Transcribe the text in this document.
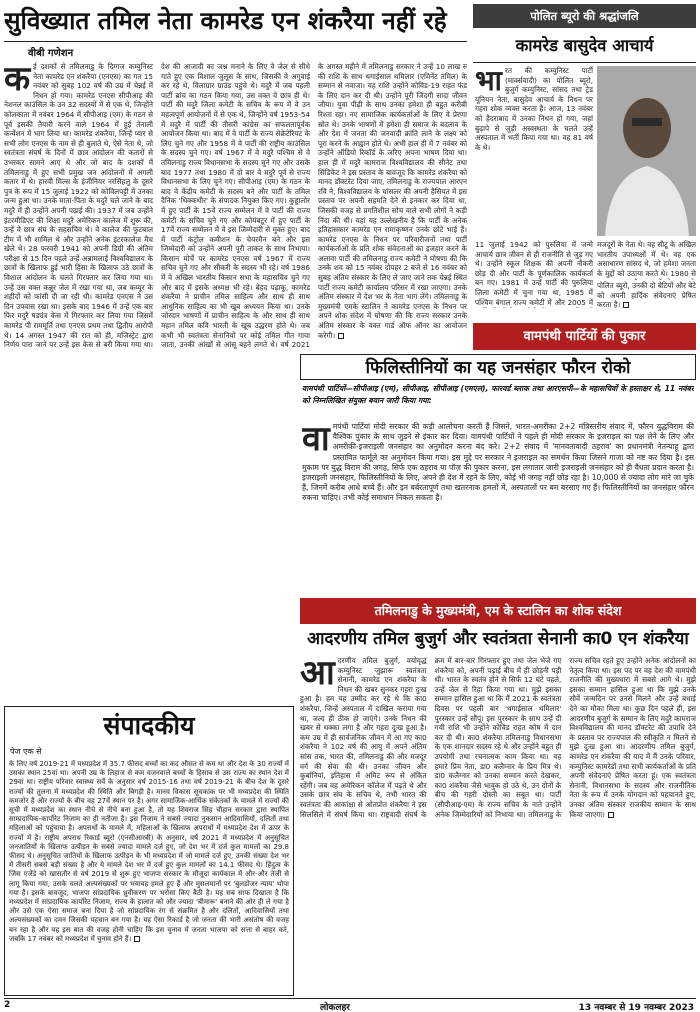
सुविख्यात तमिल नेता कामरेड एन शंकरैया नहीं रहे
वीबी गणेशन
कई दशकों से तमिलनाडु के दिग्गज कम्युनिस्ट नेता कामरेड एन शंकरैया (एनएस) का गत 15 नवंबर को सुबह 102 वर्ष की उम्र में चेन्नई में निधन हो गया। कामरेड एनएस सीपीआइ की नेशनल काउंसिल के उन 32 सदस्यों में से एक थे, जिन्होंने कोलकाता में नवंबर 1964 में सीपीआइ (एम) के गठन से पूर्व इसकी तैयारी करने वाले 1964 में हुई तेनाली कन्वेंशन में भाग लिया था। कामरेड शंकरैया, जिन्हें प्यार से सभी लोग एनएस के नाम से ही बुलाते थे, ऐसे नेता थे, जो स्वतंत्रता संघर्ष के दिनों में छात्र आंदोलन की कतारों से उभरकर सामने आए थे और जो बाद के दशकों में तमिलनाडु में हुए सभी प्रमुख जन आंदोलनों में अगली कतार में थे। हारवी मिल्स के इंजीनियर नरसिंहलु के दूसरे पुत्र के रूप में 15 जुलाई 1922 को कोविलपट्टी में उनका जन्म हुआ था। उनके माता-पिता के मदुरै चले जाने के बाद मदुरै में ही उन्होंने अपनी पढ़ाई की। 1937 में जब उन्होंने इंटरमीडिएट की शिक्षा मदुरै अमेरिकन कालेज में शुरू की, उन्हें वे छात्र संघ के सहसचिव थे। वे कालेज की फुटबाल टीम में भी शामिल थे और उन्होंने अनेक इंटरकालेज मैच खेले थे। 28 फरवरी 1941 को अपनी डिग्री की अंतिम परीक्षा से 15 दिन पहले उन्हें अन्नामलाई विश्वविद्यालय के छात्रों के खिलाफ हुई भारी हिंसा के खिलाफ उठे छात्रों के विशाल आंदोलन के चलते गिरफ्तार कर लिया गया था। उन्हें उस वक्त कन्नूर जेल में रखा गया था, जब कय्यूर के शहीदों को फांसी दी जा रही थी। कामरेड एनएस ने उस दिन उपवास रखा था। इसके बाद 1946 में उन्हें एक बार फिर मदुरै षड्यंत्र केस में गिरफ्तार कर लिया गया जिसमें कामरेड पी राममूर्ति तथा एनएस प्रथम तथा द्वितीय आरोपी थे। 14 अगस्त 1947 की रात को ही, मजिस्ट्रेट द्वारा निर्णय पारा जाने पर उन्हें इस केस से बरी किया गया था। देश की आजादी का जश्न मनाने के लिए वे जेल से सीधे गाते हुए एक विशाल जुलूस के साथ, जिसकी वे अगुवाई कर रहे थे, विलाग्रार ग्राउंड पहुंचे थे। मदुरै में जब पहली पार्टी ब्रांच का गठन किया गया, उस वक्त वे छात्र ही थे। पार्टी की मदुरै जिला कमेटी के सचिव के रूप में वे उन महत्वपूर्ण आयोजनों में से एक थे, जिन्होंने वर्ष 1953-54 में मदुरै में पार्टी की तीसरी कांग्रेस का सफलतापूर्वक आयोजन किया था। बाद में वे पार्टी के राज्य सेक्रेटेरियट के लिए चुने गए और 1958 में वे पार्टी की राष्ट्रीय काउंसिल के सदस्य चुने गए। वर्ष 1967 में वे मदुरै पश्चिम से वे तमिलनाडु राज्य विधानसभा के सदस्य चुने गए और उसके बाद 1977 तथा 1980 में दो बार वे मदुरै पूर्व से राज्य विधानसभा के लिए चुने गए। सीपीआइ (एम) के गठन के बाद वे केंद्रीय कमेटी के सदस्य बने और पार्टी के तमिल दैनिक 'थिक्कथीर' के संपादक नियुक्त किए गए। कुड्डालोर में हुए पार्टी के 15वें राज्य सम्मेलन में वे पार्टी की राज्य कमेटी के सचिव चुने गए और कोयंबटूर में हुए पार्टी के 17वें राज्य सम्मेलन में वे इस जिम्मेदारी से मुक्त हुए। बाद में पार्टी कंट्रोल कमीशन के चेयरमैन बने और इस जिम्मेदारी को उन्होंने अपनी पूरी ताकत के साथ निभाया। किसान मोर्चे पर कामरेड एनएस वर्ष 1967 में राज्य सचिव चुने गए और सीकरी के सदस्य भी रहे। वर्ष 1986 में वे अखिल भारतीय किसान सभा के महासचिव चुने गए और बाद में इसके अध्यक्ष भी रहे। बेहद पढ़ाकू, कामरेड शंकरैया ने प्राचीन तमिल साहित्य और साथ ही साथ आधुनिक साहित्य का भी खूब अध्ययन किया था। उनके जोरदार भाषणों में प्राचीन साहित्य के और साथ ही साथ महान तमिल कवि भारती के खूब उद्धरण होते थे। जब कभी भी स्वतंत्रता सेनानियों पर कोई तमिल गीत गाया जाता, उनकी आंखों से आंसू बहने लगते थे। वर्ष 2021 के अगस्त महीने में तमिलनाडु सरकार ने उन्हें 10 लाख रु की राशि के साथ थगाईसाल थमिलार (एमिनेंट तमिल) के सम्मान से नवाजा। यह राशि उन्होंने कोविड-19 राहत फंड के लिए दान कर दी थी। उन्होंने पूरी जिंदगी सादा जीवन जीया। युवा पीढ़ी के साथ उनका हमेशा ही बहुत करीबी रिश्ता रहा। नए सामाजिक कार्यकर्ताओं के लिए वे प्रेरणा स्रोत थे। उनके भाषणों में हमेशा ही समाज के बदलाव के और देश में जनता की जनवादी क्रांति लाने के लक्ष्य को पूरा करने के आह्वान होते थे। अभी हाल ही में 7 नवंबर को उन्होंने ऑडियो रिकॉर्ड के जरिए अपना भाषण दिया था। हाल ही में मदुरै कामराज विश्वविद्यालय की सीनेट तथा सिंडिकेट ने इस प्रस्ताव के बावजूद कि कामरेड शंकरैया को मानद डॉक्टरेट दिया जाए, तमिलनाडु के राज्यपाल आरएन रवि ने, विश्वविद्यालय के चांसलर की अपनी हैसियत में इस प्रस्ताव पर अपनी सहमति देने से इनकार कर दिया था, जिसकी वजह से प्रगतिशील सोच वाले सभी लोगों ने कड़ी निंदा की थी। यहां यह उल्लेखनीय है कि पार्टी के अनेक इतिहासकार कामरेड एन रामाकृष्णन उनके छोटे भाई हैं। कामरेड एनएस के निधन पर परिवारीजनों तथा पार्टी कार्यकर्ताओं के प्रति शोक संवेदनाओं का इजहार करने के अलावा पार्टी की तमिलनाडु राज्य कमेटी ने घोषणा की कि उनके शव को 15 नवंबर दोपहर 2 बजे से 16 नवंबर को सुबह अंतिम संस्कार के लिए ले जाए जाने तक चेन्नई स्थित पार्टी राज्य कमेटी कार्यालय परिसर में रखा जाएगा। उनके अंतिम संस्कार में देश भर के नेता भाग लेंगे। तमिलनाडु के मुख्यमंत्री एमके स्टालिन ने कामरेड एनएस के निधन पर अपने शोक संदेश में घोषणा की कि राज्य सरकार उनके अंतिम संस्कार के वक्त गार्ड ऑफ ऑनर का आयोजन करेगी।
पोलित ब्यूरो की श्रद्धांजलि
कामरेड बासुदेव आचार्य
भारत की कम्युनिस्ट पार्टी (मार्क्सवादी) का पोलित ब्यूरो, बुजुर्ग कम्युनिस्ट, सांसद तथा ट्रेड यूनियन नेता, बासुदेव आचार्य के निधन पर गहरा शोक व्यक्त करता है। आज, 13 नवंबर को हैदराबाद में उनका निधन हो गया, जहां बुढ़ापे से जुड़ी अस्वस्थता के चलते उन्हें अस्पताल में भर्ती किया गया था। वह 81 वर्ष के थे।
11 जुलाई 1942 को पुरुलिया में जन्मे आचार्य छात्र जीवन से ही राजनीति से जुड़ गए थे। उन्होंने स्कूल शिक्षक की अपनी नौकरी छोड़ दी और पार्टी के पूर्णकालिक कार्यकर्ता बन गए। 1981 में उन्हें पार्टी की पुरुलिया जिला कमेटी में चुना गया था, 1985 में पश्चिम बंगाल राज्य कमेटी में और 2005 में
मजदूरों के नेता थे। वह सीटू के अखिल भारतीय उपाध्यक्षों में थे। वह एक असाधारण सांसद थे, जो हमेशा जनता के मुद्दों को उठाया करते थे। 1980 से
पोलित ब्यूरो, उनकी दो बेटियों और बेटे को अपनी हार्दिक संवेदनाएं प्रेषित करता है।
वामपंथी पार्टियों की पुकार
फिलिस्तीनियों का यह जनसंहार फौरन रोको
वामपंथी पार्टियों—सीपीआइ (एम), सीपीआइ, सीपीआइ (एमएल), फारवर्ड ब्लाक तथा आरएसपी—के महासचिवों के हस्ताक्षर से, 11 नवंबर को निम्नलिखित संयुक्त बयान जारी किया गया:
वामपंथी पार्टियां मोदी सरकार की कड़ी आलोचना करती हैं जिसने, भारत-अमरीका 2+2 मंत्रिस्तरीय संवाद में, फौरन युद्धविराम की वैश्विक पुकार के साथ जुड़ने से इंकार कर दिया। वामपंथी पार्टियों ने पहले ही मोदी सरकार के इजराइल का पक्ष लेने के लिए और अमरीकी-इजराइली जनसंहार का अनुमोदन करना बंद करे। 2+2 संवाद में 'मानवतावादी ठहराव' का प्रधानमंत्री नेतन्याहू द्वारा प्रस्तावित फार्मूले का अनुमोदन किया गया। इस मुद्दे पर सरकार ने इजराइल का समर्थन किया जिसने गाजा को नष्ट कर दिया है। इस मुकाम पर युद्ध विराम की जगह, सिर्फ एक ठहराव या पॉज़ की पुकार करना, इस लगातार जारी इजराइली जनसंहार को ही वैधता प्रदान करता है। इजराइली जनसंहार, फिलिस्तीनियों के लिए, अपने ही देश में रहने के लिए, कोई भी जगह नहीं छोड़ रहा है। 10,000 से ज्यादा लोग मारे जा चुके हैं, जिनमें करीब आधे बच्चे हैं। और इन बर्बरतापूर्ण तथा खतरनाक हमलों में, अस्पतालों पर बम बरसाए गए हैं। फिलिस्तीनियों का जनसंहार फौरन रुकना चाहिए। तभी कोई समाधान निकल सकता है।
संपादकीय
पेज एक से
के लिए वर्ष 2019-21 में मध्यप्रदेश में 35.7 फीसद बच्चों का कद औसत से कम था और देश के 30 राज्यों में उसका स्थान 25वां था। अपनी उम्र के लिहाज से कम वजनवाले बच्चों के हिसाब से उस राज्य का स्थान देश में 29वां था। राष्ट्रीय परिवार स्वास्थ्य सर्वे के अनुसार वर्ष 2015-16 तथा वर्ष 2019-21 के बीच देश के दूसरे राज्यों की तुलना में मध्यप्रदेश की स्थिति और बिगड़ी है। मानव विकास सूचकांक पर भी मध्यप्रदेश की स्थिति कमजोर है और राज्यों के बीच वह 27वें स्थान पर है। अगर सामाजिक-आर्थिक संकेतकों के मामले में राज्यों की सूची में मध्यप्रदेश का स्थान नीचे से नीचे बना हुआ है, तो यह शिवराज सिंह चौहान सरकार द्वारा स्थापित साम्प्रदायिक-कार्पोरेट निजाम का ही नतीजा है। इस निजाम ने सबसे ज्यादा नुकसान आदिवासियों, दलितों तथा महिलाओं को पहुंचाया है। अपराधों के मामले में, महिलाओं के खिलाफ अपराधों में मध्यप्रदेश देश में ऊपर के राज्यों में है। राष्ट्रीय अपराध रिकार्ड ब्यूरो (एनसीआरबी) के अनुसार, वर्ष 2021 में मध्यप्रदेश में अनुसूचित जनजातियों के खिलाफ उत्पीड़न के सबसे ज्यादा मामले दर्ज हुए, जो देश भर में दर्ज कुल मामलों का 29.8 फीसद थे। अनुसूचित जातियों के खिलाफ उत्पीड़न के भी मध्यप्रदेश में जो मामले दर्ज हुए, उनकी संख्या देश भर में तीसरी सबसे बड़ी संख्या है और ये मामले देश भर में दर्ज हुए कुल मामलों का 14.1 फीसद थे। हिंदुत्व के जिस एजेंडे को खासतौर से वर्ष 2019 से शुरू हुए भाजपा सरकार के मौजूदा कार्यकाल में और-और तेजी से लागू किया गया, उसके चलते अल्पसंख्यकों पर भयावह हमले हुए हैं और मुसलमानों पर 'बुलडोजर न्याय' थोपा गया है। इसके बावजूद, भाजपा सांप्रदायिक ध्रुवीकरण पर भरोसा किए बैठी है। यह सब साफ दिखाता है कि मध्यप्रदेश में सांप्रदायिक कार्पोरेट निजाम, राज्य के हालात को और ज्यादा 'बीमारू' बनाने की ओर ही ले गया है और उसे एक ऐसा समाज बना दिया है जो सांप्रदायिक रंग से संक्रमित है और दलितों, आदिवासियों तथा अल्पसंख्यकों का दमन जिसकी पहचान बन गया है। यह ऐसा रिकार्ड है जो जनता की भारी असंतोष की वजह बन रहा है और यह इस बात की वजह होनी चाहिए कि इस चुनाव में जनता भाजपा को सत्ता से बाहर करे, जबकि 17 नवंबर को मध्यप्रदेश में चुनाव होने हैं।
तमिलनाडु के मुख्यमंत्री, एम के स्टालिन का शोक संदेश
आदरणीय तमिल बुजुर्ग और स्वतंत्रता सेनानी का0 एन शंकरैया
आदरणीय तमिल बुजुर्ग, वयोवृद्ध कम्युनिस्ट जुझारू स्वतंत्रता सेनानी, कामरेड एन शंकरैया के निधन की खबर सुनकर गहरा दुःख हुआ है। हम यह उम्मीद कर रहे थे कि का0 शंकरैया, जिन्हें अस्पताल में दाखिल कराया गया था, जल्द ही ठीक हो जाएंगे। उनके निधन की खबर से धक्का लगा है और गहरा दुःख हुआ है। कम उम्र में ही सार्वजनिक जीवन में आ गए का0 शंकरैया ने 102 वर्ष की आयु में अपने अंतिम सांस तक, भारत की, तमिलनाडु की और मजदूर वर्ग की सेवा की थी। उनका जीवन और कुर्बानियां, इतिहास में अमिट रूप से अंकित रहेंगी। जब वह अमेरिकन कॉलेज में पढ़ते थे और उसके छात्र संघ के सचिव थे, तभी भारत की स्वतंत्रता की आकांक्षा से ओतप्रोत शंकरैया ने इस सिलसिले में संघर्ष किया था। राष्ट्रवादी संघर्ष के क्रम में बार-बार गिरफ्तार हुए तथा जेल भेजे गए शंकरैया को, अपनी पढ़ाई बीच में ही छोड़नी पड़ी थी। भारत के स्वतंत्र होने से सिर्फ 12 घंटे पहले, उन्हें जेल से रिहा किया गया था। मुझे इसका सम्मान हासिल हुआ था कि मैं 2021 के स्वतंत्रता दिवस पर पहली बार 'थगाईसाल थमिलार' पुरस्कार उन्हें सौंपूं। इस पुरस्कार के साथ उन्हें दी गयी राशि भी उन्होंने कोविड राहत कोष में दान कर दी थी। का0 शंकरैया तमिलनाडु विधानसभा के एक शानदार सदस्य रहे थे और उन्होंने बहुत ही उपयोगी तथा रचनात्मक काम किया था। वह हमारे प्रिय नेता, डा0 कलैग्नार के प्रिय मित्र थे। डा0 कलैग्नार को उनका सम्मान करते देखकर, का0 शंकरैया जैसे भावुक हो उठे थे, उन दोनों के बीच की गहरी दोस्ती का सबूत था। पार्टी (सीपीआइ-एम) के राज्य सचिव के नाते उन्होंने अनेक जिम्मेदारियों को निभाया था। तमिलनाडु के राज्य सचिव रहते हुए उन्होंने अनेक आंदोलनों का नेतृत्व किया था। इस पद पर वह देश की वामपंथी राजनीति की मुख्यधारा में सबसे आगे थे। मुझे इसका सम्मान हासिल हुआ था कि मुझे उनके सौवें जन्मदिन पर उनसे मिलने और उन्हें बधाई देने का मौका मिला था। कुछ दिन पहले ही, इस आदरणीय बुजुर्ग के सम्मान के लिए मदुरै कामराज विश्वविद्यालय की मानद डॉक्टरेट की उपाधि देने के प्रस्ताव पर राज्यपाल की स्वीकृति न मिलने से मुझे दुःख हुआ था। आदरणीय तमिल बुजुर्ग, कामरेड एन शंकरैया की याद में मैं उनके परिवार, कम्युनिस्ट कामरेडों तथा सभी कार्यकर्ताओं के प्रति अपनी संवेदनाएं प्रेषित करता हूं। एक स्वतंत्रता सेनानी, विधानसभा के सदस्य और राजनीतिक नेता के रूप में उनके योगदान को पहचानते हुए, उनका अंतिम संस्कार राजकीय सम्मान के साथ किया जाएगा।
2	लोकलहर	13 नवम्बर से 19 नवम्बर 2023
